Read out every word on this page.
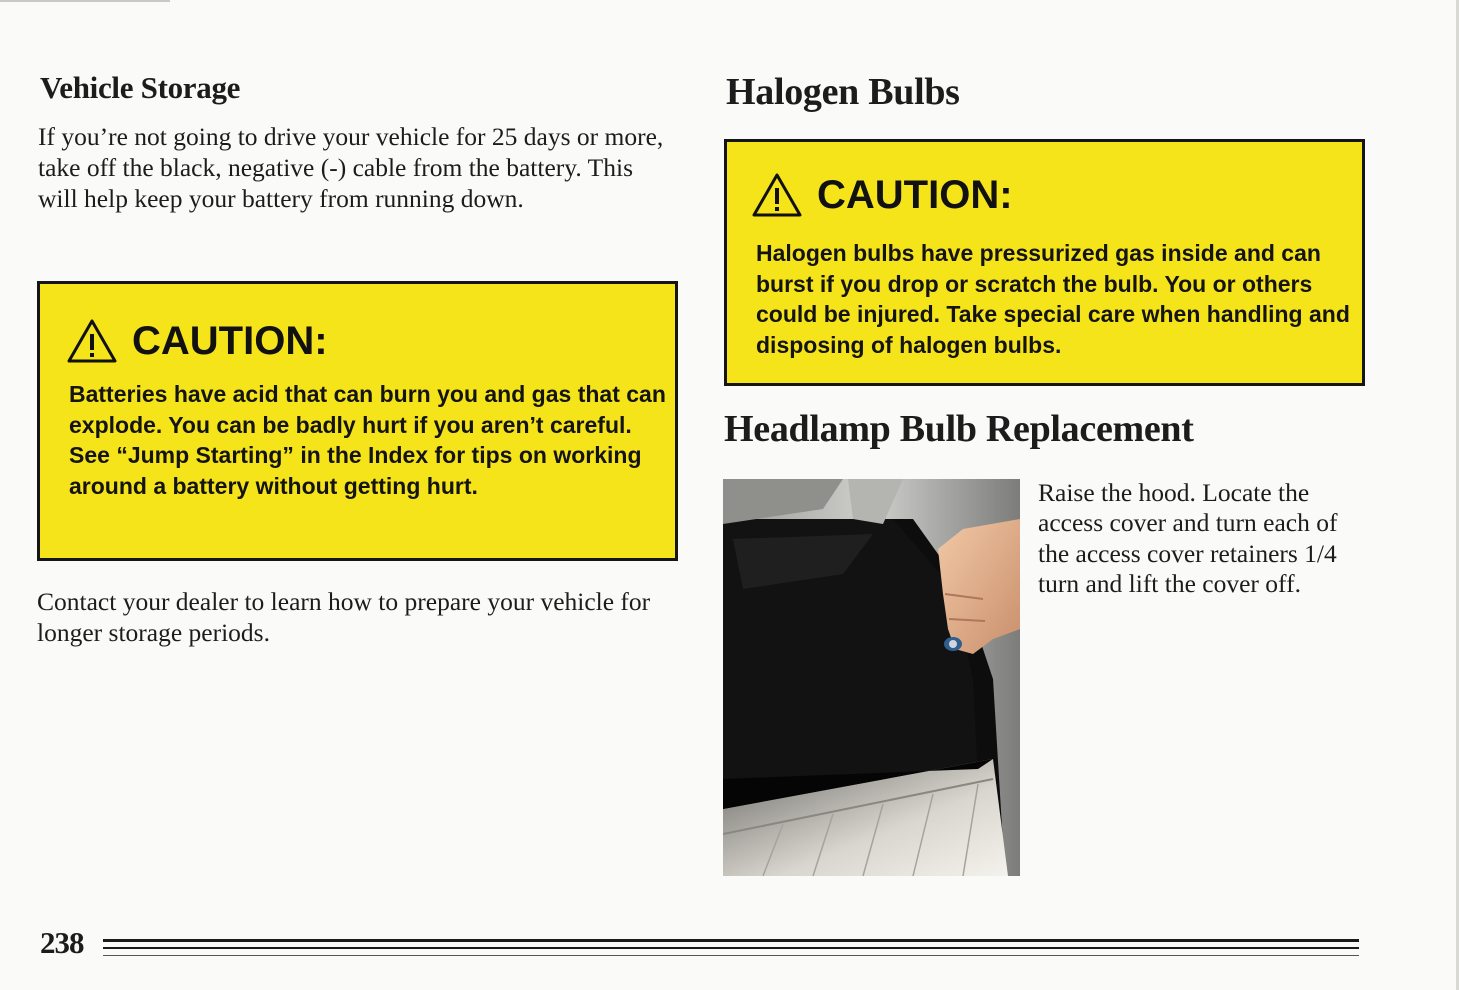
Vehicle Storage
If you’re not going to drive your vehicle for 25 days or more, take off the black, negative (-) cable from the battery. This will help keep your battery from running down.
CAUTION:
Batteries have acid that can burn you and gas that can explode. You can be badly hurt if you aren’t careful. See “Jump Starting” in the Index for tips on working around a battery without getting hurt.
Contact your dealer to learn how to prepare your vehicle for longer storage periods.
Halogen Bulbs
CAUTION:
Halogen bulbs have pressurized gas inside and can burst if you drop or scratch the bulb. You or others could be injured. Take special care when handling and disposing of halogen bulbs.
Headlamp Bulb Replacement
Raise the hood. Locate the access cover and turn each of the access cover retainers 1/4 turn and lift the cover off.
238
